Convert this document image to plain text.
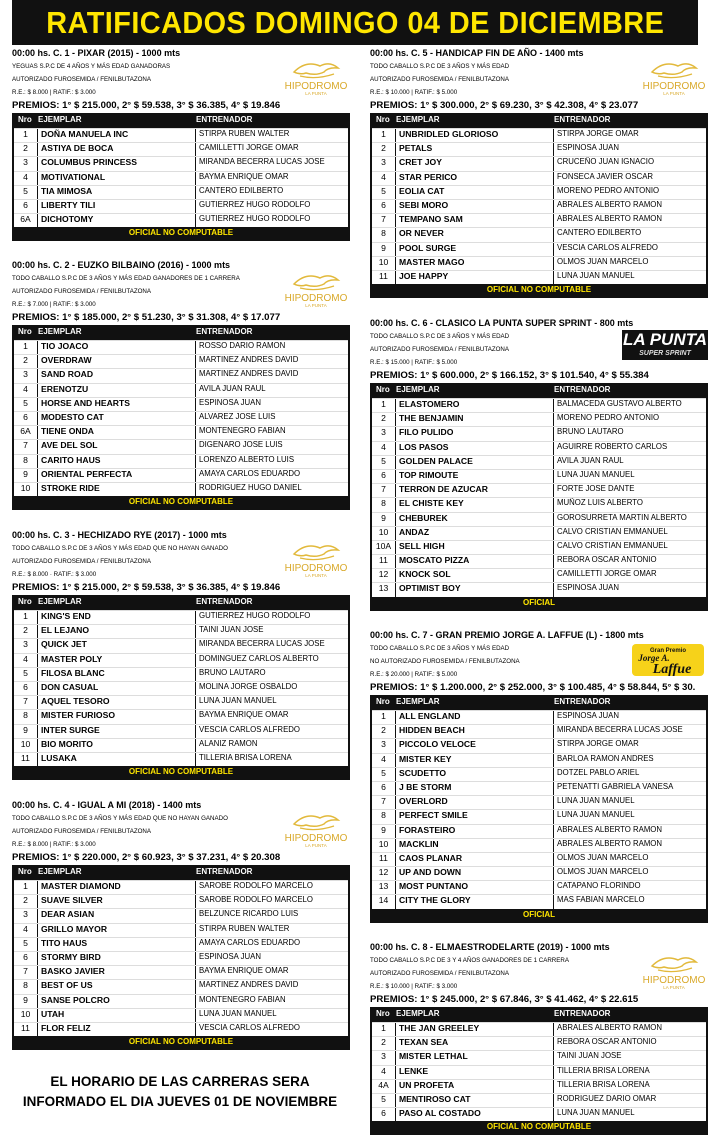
RATIFICADOS DOMINGO 04 DE DICIEMBRE
00:00 hs. C. 1 - PIXAR (2015) - 1000 mts
YEGUAS S.P.C DE 4 AÑOS Y MÁS EDAD GANADORAS
AUTORIZADO FUROSEMIDA / FENILBUTAZONA
R.E.: $ 8.000 | RATIF.: $ 3.000
HIPODROMO
LA PUNTA
PREMIOS: 1° $ 215.000, 2° $ 59.538, 3° $ 36.385, 4° $ 19.846
Nro EJEMPLAR	ENTRENADOR
1	DOÑA MANUELA INC	STIRPA RUBEN WALTER
2	ASTIYA DE BOCA	CAMILLETTI JORGE OMAR
3	COLUMBUS PRINCESS	MIRANDA BECERRA LUCAS JOSE
4	MOTIVATIONAL	BAYMA ENRIQUE OMAR
5	TIA MIMOSA	CANTERO EDILBERTO
6	LIBERTY TILI	GUTIERREZ HUGO RODOLFO
6A	DICHOTOMY	GUTIERREZ HUGO RODOLFO
OFICIAL NO COMPUTABLE
00:00 hs. C. 2 - EUZKO BILBAINO (2016) - 1000 mts
TODO CABALLO S.P.C DE 3 AÑOS Y MÁS EDAD GANADORES DE 1 CARRERA
AUTORIZADO FUROSEMIDA / FENILBUTAZONA
R.E.: $ 7.000 | RATIF.: $ 3.000
HIPODROMO
LA PUNTA
PREMIOS: 1° $ 185.000, 2° $ 51.230, 3° $ 31.308, 4° $ 17.077
Nro EJEMPLAR	ENTRENADOR
1	TIO JOACO	ROSSO DARIO RAMON
2	OVERDRAW	MARTINEZ ANDRES DAVID
3	SAND ROAD	MARTINEZ ANDRES DAVID
4	ERENOTZU	AVILA JUAN RAUL
5	HORSE AND HEARTS	ESPINOSA JUAN
6	MODESTO CAT	ALVAREZ JOSE LUIS
6A	TIENE ONDA	MONTENEGRO FABIAN
7	AVE DEL SOL	DIGENARO JOSE LUIS
8	CARITO HAUS	LORENZO ALBERTO LUIS
9	ORIENTAL PERFECTA	AMAYA CARLOS EDUARDO
10	STROKE RIDE	RODRIGUEZ HUGO DANIEL
OFICIAL NO COMPUTABLE
00:00 hs. C. 3 - HECHIZADO RYE (2017) - 1000 mts
TODO CABALLO S.P.C DE 3 AÑOS Y MÁS EDAD QUE NO HAYAN GANADO
AUTORIZADO FUROSEMIDA / FENILBUTAZONA
R.E.: $ 8.000 · RATIF.: $ 3.000
HIPODROMO
LA PUNTA
PREMIOS: 1° $ 215.000, 2° $ 59.538, 3° $ 36.385, 4° $ 19.846
Nro EJEMPLAR	ENTRENADOR
1	KING'S END	GUTIERREZ HUGO RODOLFO
2	EL LEJANO	TAINI JUAN JOSE
3	QUICK JET	MIRANDA BECERRA LUCAS JOSE
4	MASTER POLY	DOMINGUEZ CARLOS ALBERTO
5	FILOSA BLANC	BRUNO LAUTARO
6	DON CASUAL	MOLINA JORGE OSBALDO
7	AQUEL TESORO	LUNA JUAN MANUEL
8	MISTER FURIOSO	BAYMA ENRIQUE OMAR
9	INTER SURGE	VESCIA CARLOS ALFREDO
10	BIO MORITO	ALANIZ RAMON
11	LUSAKA	TILLERIA BRISA LORENA
OFICIAL NO COMPUTABLE
00:00 hs. C. 4 - IGUAL A MI (2018) - 1400 mts
TODO CABALLO S.P.C DE 3 AÑOS Y MÁS EDAD QUE NO HAYAN GANADO
AUTORIZADO FUROSEMIDA / FENILBUTAZONA
R.E.: $ 8.000 | RATIF.: $ 3.000
HIPODROMO
LA PUNTA
PREMIOS: 1° $ 220.000, 2° $ 60.923, 3° $ 37.231, 4° $ 20.308
Nro EJEMPLAR	ENTRENADOR
1	MASTER DIAMOND	SAROBE RODOLFO MARCELO
2	SUAVE SILVER	SAROBE RODOLFO MARCELO
3	DEAR ASIAN	BELZUNCE RICARDO LUIS
4	GRILLO MAYOR	STIRPA RUBEN WALTER
5	TITO HAUS	AMAYA CARLOS EDUARDO
6	STORMY BIRD	ESPINOSA JUAN
7	BASKO JAVIER	BAYMA ENRIQUE OMAR
8	BEST OF US	MARTINEZ ANDRES DAVID
9	SANSE POLCRO	MONTENEGRO FABIAN
10	UTAH	LUNA JUAN MANUEL
11	FLOR FELIZ	VESCIA CARLOS ALFREDO
OFICIAL NO COMPUTABLE
00:00 hs. C. 5 - HANDICAP FIN DE AÑO - 1400 mts
TODO CABALLO S.P.C DE 3 AÑOS Y MÁS EDAD
AUTORIZADO FUROSEMIDA / FENILBUTAZONA
R.E.: $ 10.000 | RATIF.: $ 5.000
HIPODROMO
LA PUNTA
PREMIOS: 1° $ 300.000, 2° $ 69.230, 3° $ 42.308, 4° $ 23.077
Nro EJEMPLAR	ENTRENADOR
1	UNBRIDLED GLORIOSO	STIRPA JORGE OMAR
2	PETALS	ESPINOSA JUAN
3	CRET JOY	CRUCEÑO JUAN IGNACIO
4	STAR PERICO	FONSECA JAVIER OSCAR
5	EOLIA CAT	MORENO PEDRO ANTONIO
6	SEBI MORO	ABRALES ALBERTO RAMON
7	TEMPANO SAM	ABRALES ALBERTO RAMON
8	OR NEVER	CANTERO EDILBERTO
9	POOL SURGE	VESCIA CARLOS ALFREDO
10	MASTER MAGO	OLMOS JUAN MARCELO
11	JOE HAPPY	LUNA JUAN MANUEL
OFICIAL NO COMPUTABLE
00:00 hs. C. 6 - CLASICO LA PUNTA SUPER SPRINT - 800 mts
TODO CABALLO S.P.C DE 3 AÑOS Y MÁS EDAD
AUTORIZADO FUROSEMIDA / FENILBUTAZONA
R.E.: $ 15.000 | RATIF.: $ 5.000
LA PUNTA
SUPER SPRINT
PREMIOS: 1° $ 600.000, 2° $ 166.152, 3° $ 101.540, 4° $ 55.384
Nro EJEMPLAR	ENTRENADOR
1	ELASTOMERO	BALMACEDA GUSTAVO ALBERTO
2	THE BENJAMIN	MORENO PEDRO ANTONIO
3	FILO PULIDO	BRUNO LAUTARO
4	LOS PASOS	AGUIRRE ROBERTO CARLOS
5	GOLDEN PALACE	AVILA JUAN RAUL
6	TOP RIMOUTE	LUNA JUAN MANUEL
7	TERRON DE AZUCAR	FORTE JOSE DANTE
8	EL CHISTE KEY	MUÑOZ LUIS ALBERTO
9	CHEBUREK	GOROSURRETA MARTIN ALBERTO
10	ANDAZ	CALVO CRISTIAN EMMANUEL
10A SELL HIGH	CALVO CRISTIAN EMMANUEL
11	MOSCATO PIZZA	REBORA OSCAR ANTONIO
12	KNOCK SOL	CAMILLETTI JORGE OMAR
13	OPTIMIST BOY	ESPINOSA JUAN
OFICIAL
00:00 hs. C. 7 - GRAN PREMIO JORGE A. LAFFUE (L) - 1800 mts
TODO CABALLO S.P.C DE 3 AÑOS Y MÁS EDAD
NO AUTORIZADO FUROSEMIDA / FENILBUTAZONA
R.E.: $ 20.000 | RATIF.: $ 5.000
Gran Premio
Jorge A.
Laffue
PREMIOS: 1° $ 1.200.000, 2° $ 252.000, 3° $ 100.485, 4° $ 58.844, 5° $ 30.
Nro EJEMPLAR	ENTRENADOR
1	ALL ENGLAND	ESPINOSA JUAN
2	HIDDEN BEACH	MIRANDA BECERRA LUCAS JOSE
3	PICCOLO VELOCE	STIRPA JORGE OMAR
4	MISTER KEY	BARLOA RAMON ANDRES
5	SCUDETTO	DOTZEL PABLO ARIEL
6	J BE STORM	PETENATTI GABRIELA VANESA
7	OVERLORD	LUNA JUAN MANUEL
8	PERFECT SMILE	LUNA JUAN MANUEL
9	FORASTEIRO	ABRALES ALBERTO RAMON
10	MACKLIN	ABRALES ALBERTO RAMON
11	CAOS PLANAR	OLMOS JUAN MARCELO
12	UP AND DOWN	OLMOS JUAN MARCELO
13	MOST PUNTANO	CATAPANO FLORINDO
14	CITY THE GLORY	MAS FABIAN MARCELO
OFICIAL
00:00 hs. C. 8 - ELMAESTRODELARTE (2019) - 1000 mts
TODO CABALLO S.P.C DE 3 Y 4 AÑOS GANADORES DE 1 CARRERA
AUTORIZADO FUROSEMIDA / FENILBUTAZONA
R.E.: $ 10.000 | RATIF.: $ 3.000
HIPODROMO
LA PUNTA
PREMIOS: 1° $ 245.000, 2° $ 67.846, 3° $ 41.462, 4° $ 22.615
Nro EJEMPLAR	ENTRENADOR
1	THE JAN GREELEY	ABRALES ALBERTO RAMON
2	TEXAN SEA	REBORA OSCAR ANTONIO
3	MISTER LETHAL	TAINI JUAN JOSE
4	LENKE	TILLERIA BRISA LORENA
4A	UN PROFETA	TILLERIA BRISA LORENA
5	MENTIROSO CAT	RODRIGUEZ DARIO OMAR
6	PASO AL COSTADO	LUNA JUAN MANUEL
OFICIAL NO COMPUTABLE
EL HORARIO DE LAS CARRERAS SERA INFORMADO EL DIA JUEVES 01 DE NOVIEMBRE
